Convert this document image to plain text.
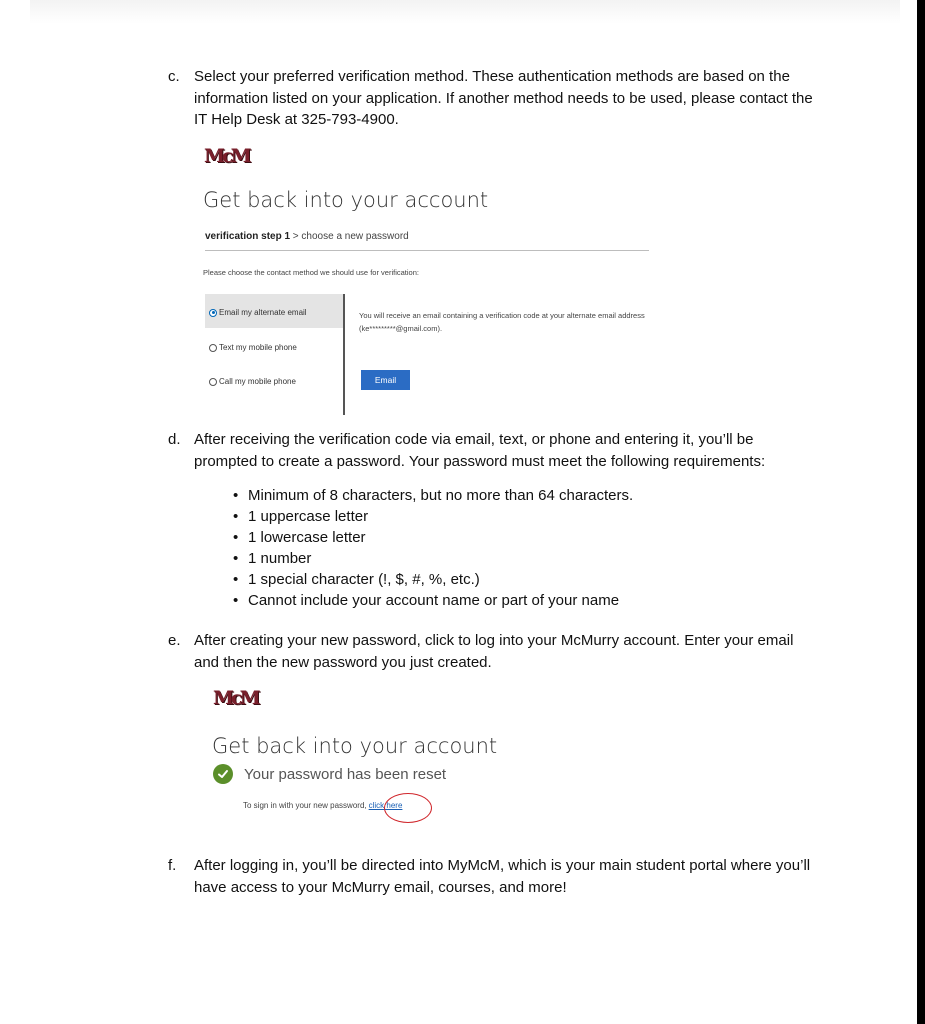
c. Select your preferred verification method. These authentication methods are based on the information listed on your application. If another method needs to be used, please contact the IT Help Desk at 325-793-4900.
McM
Get back into your account
verification step 1 > choose a new password
Please choose the contact method we should use for verification:
Email my alternate email
Text my mobile phone
Call my mobile phone
You will receive an email containing a verification code at your alternate email address (ke*********@gmail.com).
Email
d. After receiving the verification code via email, text, or phone and entering it, you’ll be prompted to create a password. Your password must meet the following requirements:
• Minimum of 8 characters, but no more than 64 characters.
• 1 uppercase letter
• 1 lowercase letter
• 1 number
• 1 special character (!, $, #, %, etc.)
• Cannot include your account name or part of your name
e. After creating your new password, click to log into your McMurry account. Enter your email and then the new password you just created.
McM
Get back into your account
Your password has been reset
To sign in with your new password, click here
f. After logging in, you’ll be directed into MyMcM, which is your main student portal where you’ll have access to your McMurry email, courses, and more!
